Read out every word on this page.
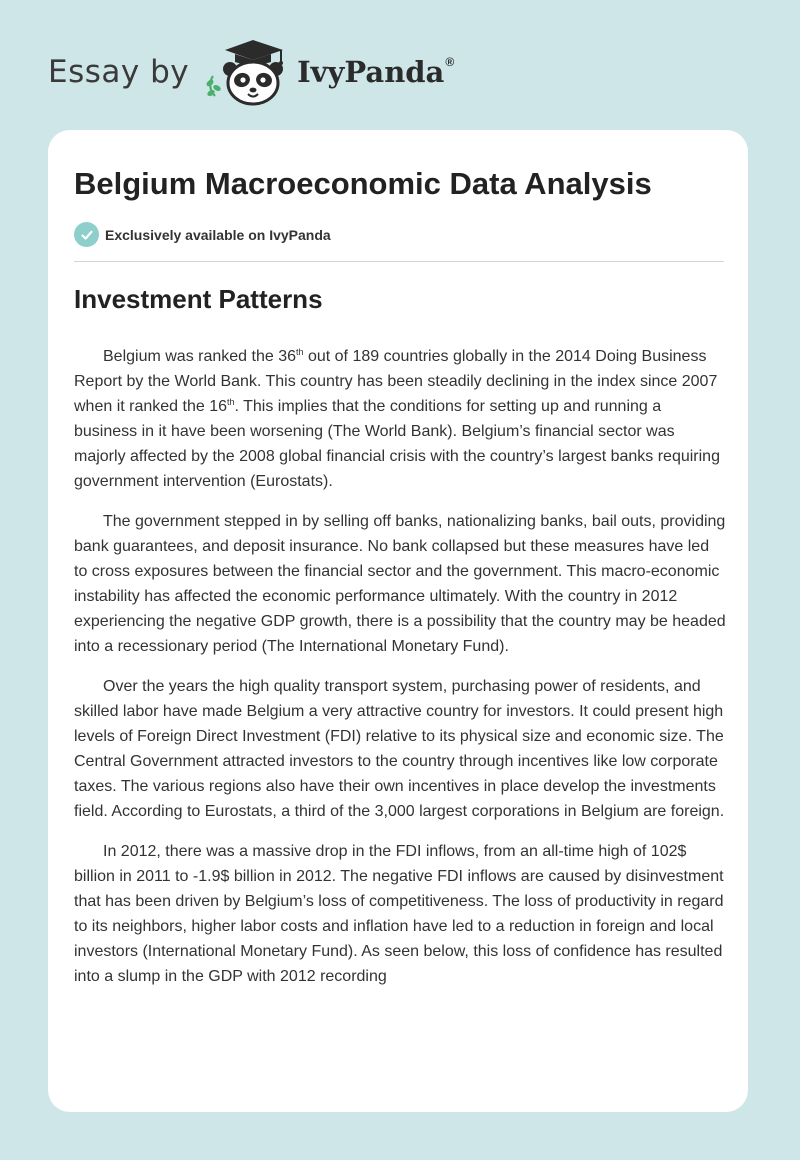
Essay by	IvyPanda®
Belgium Macroeconomic Data Analysis
Exclusively available on IvyPanda
Investment Patterns

Belgium was ranked the 36th out of 189 countries globally in the 2014 Doing Business Report by the World Bank. This country has been steadily declining in the index since 2007 when it ranked the 16th. This implies that the conditions for setting up and running a business in it have been worsening (The World Bank). Belgium’s financial sector was majorly affected by the 2008 global financial crisis with the country’s largest banks requiring government intervention (Eurostats).

The government stepped in by selling off banks, nationalizing banks, bail outs, providing bank guarantees, and deposit insurance. No bank collapsed but these measures have led to cross exposures between the financial sector and the government. This macro-economic instability has affected the economic performance ultimately. With the country in 2012 experiencing the negative GDP growth, there is a possibility that the country may be headed into a recessionary period (The International Monetary Fund).

Over the years the high quality transport system, purchasing power of residents, and skilled labor have made Belgium a very attractive country for investors. It could present high levels of Foreign Direct Investment (FDI) relative to its physical size and economic size. The Central Government attracted investors to the country through incentives like low corporate taxes. The various regions also have their own incentives in place develop the investments field. According to Eurostats, a third of the 3,000 largest corporations in Belgium are foreign.

In 2012, there was a massive drop in the FDI inflows, from an all-time high of 102$ billion in 2011 to -1.9$ billion in 2012. The negative FDI inflows are caused by disinvestment that has been driven by Belgium’s loss of competitiveness. The loss of productivity in regard to its neighbors, higher labor costs and inflation have led to a reduction in foreign and local investors (International Monetary Fund). As seen below, this loss of confidence has resulted into a slump in the GDP with 2012 recording
